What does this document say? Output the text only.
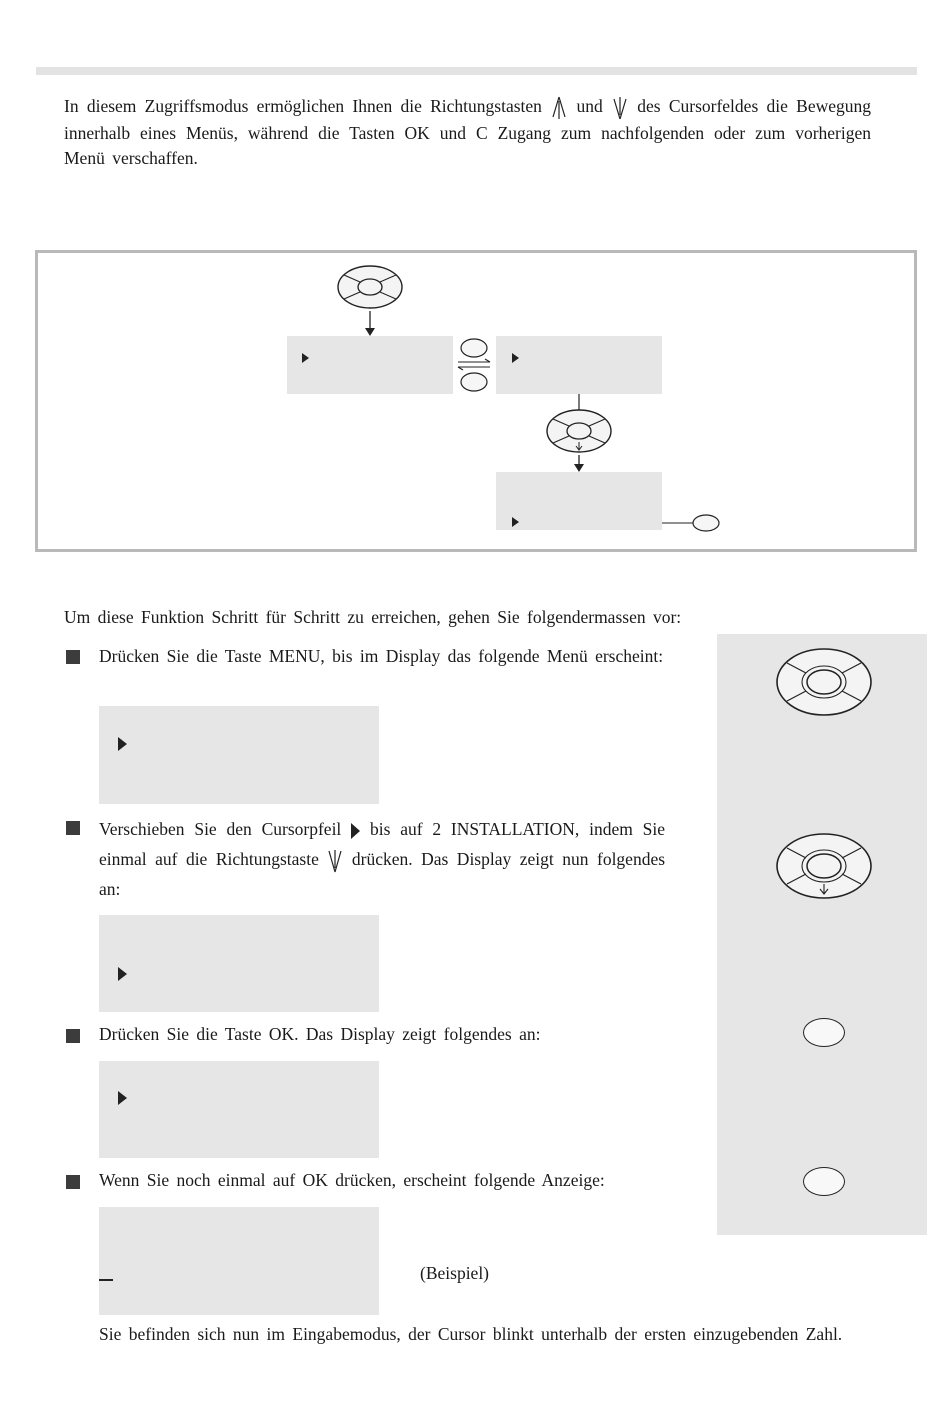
In diesem Zugriffsmodus ermöglichen Ihnen die Richtungstasten und des Cursorfeldes die Bewegung innerhalb eines Menüs, während die Tasten OK und C Zugang zum nachfolgenden oder zum vorherigen Menü verschaffen.
Um diese Funktion Schritt für Schritt zu erreichen, gehen Sie folgendermassen vor:
Drücken Sie die Taste MENU, bis im Display das folgende Menü erscheint:
Verschieben Sie den Cursorpfeil bis auf 2 INSTALLATION, indem Sie einmal auf die Richtungstaste drücken. Das Display zeigt nun folgendes an:
Drücken Sie die Taste OK. Das Display zeigt folgendes an:
Wenn Sie noch einmal auf OK drücken, erscheint folgende Anzeige:
(Beispiel)
Sie befinden sich nun im Eingabemodus, der Cursor blinkt unterhalb der ersten einzugebenden Zahl.
